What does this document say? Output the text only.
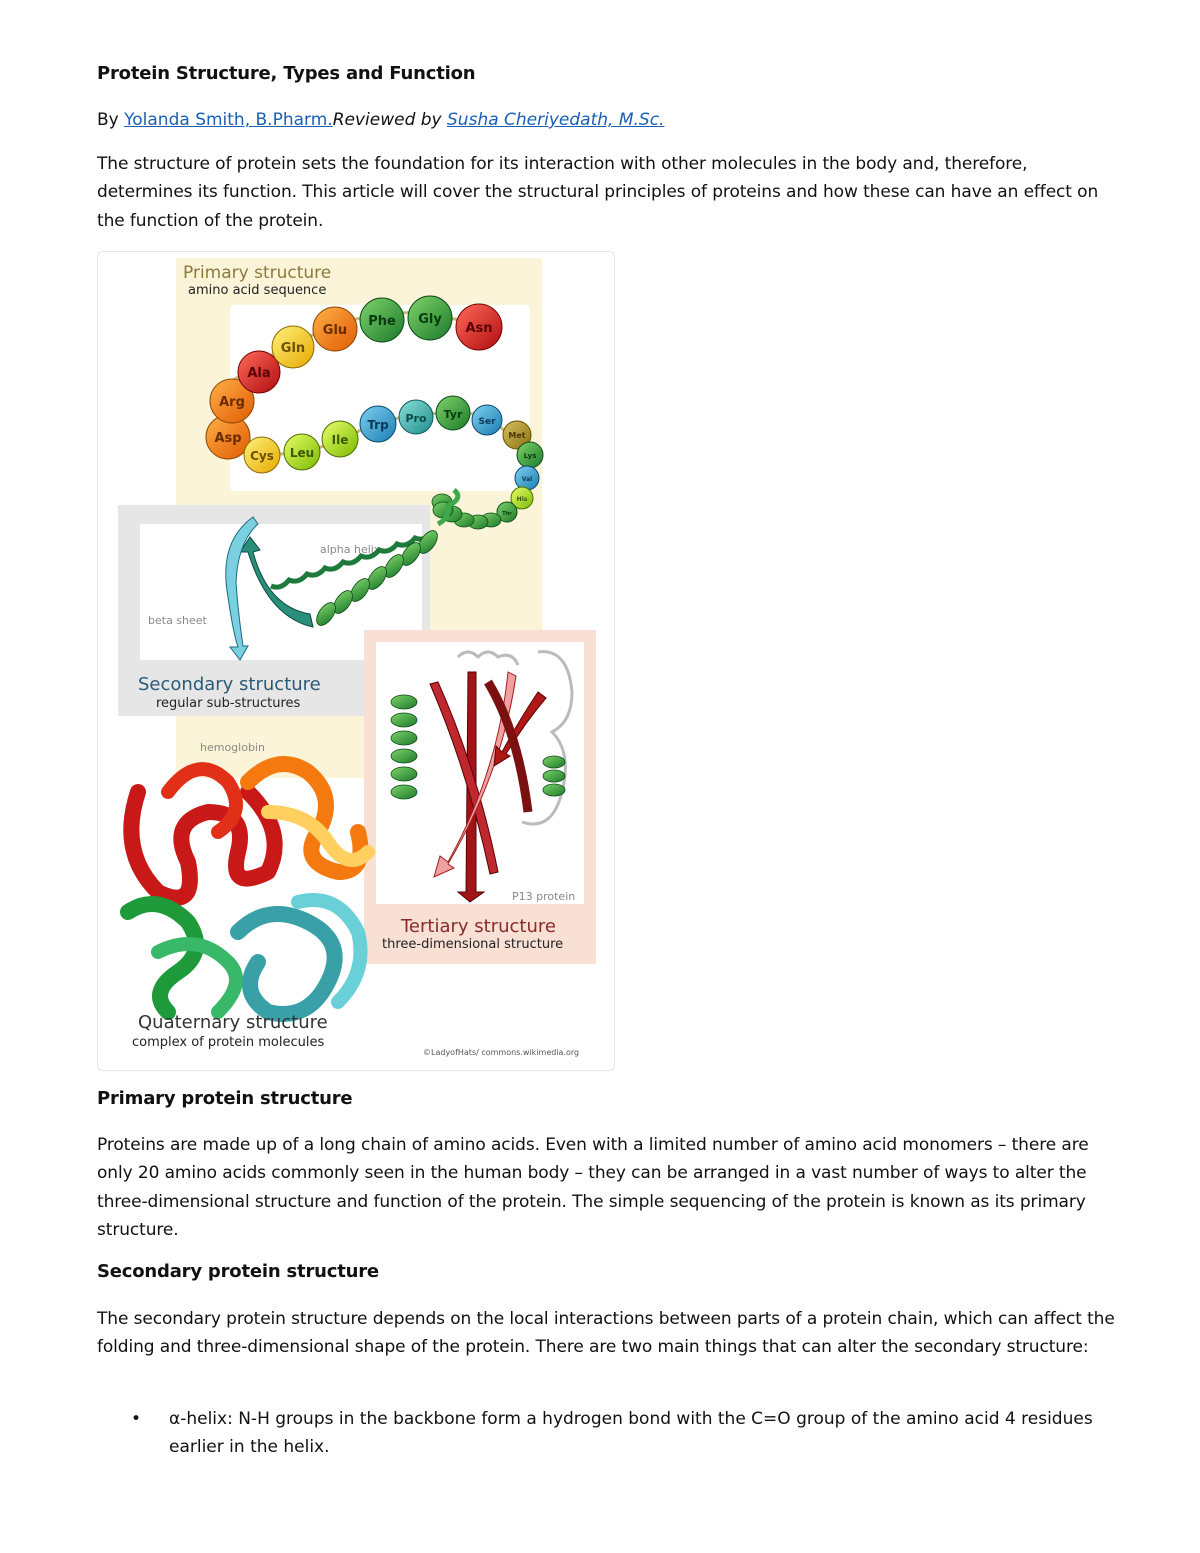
Protein Structure, Types and Function
By Yolanda Smith, B.Pharm.Reviewed by Susha Cheriyedath, M.Sc.

The structure of protein sets the foundation for its interaction with other molecules in the body and, therefore, determines its function. This article will cover the structural principles of proteins and how these can have an effect on the function of the protein.

Primary structure
amino acid sequence
Asp
Arg
Ala
Gln
Glu
Phe Gly
Asn
Cys Leu
Ile
Trp Pro Tyr
Ser
Met
Lys
Val
His
Thr
alpha helix
beta sheet
Secondary structure
regular sub-structures
P13 protein
Tertiary structure
three-dimensional structure
hemoglobin
Quaternary structure
complex of protein molecules
©LadyofHats/ commons.wikimedia.org
Primary protein structure

Proteins are made up of a long chain of amino acids. Even with a limited number of amino acid monomers – there are only 20 amino acids commonly seen in the human body – they can be arranged in a vast number of ways to alter the three-dimensional structure and function of the protein. The simple sequencing of the protein is known as its primary structure.

Secondary protein structure

The secondary protein structure depends on the local interactions between parts of a protein chain, which can affect the folding and three-dimensional shape of the protein. There are two main things that can alter the secondary structure:

• α-helix: N-H groups in the backbone form a hydrogen bond with the C=O group of the amino acid 4 residues earlier in the helix.
